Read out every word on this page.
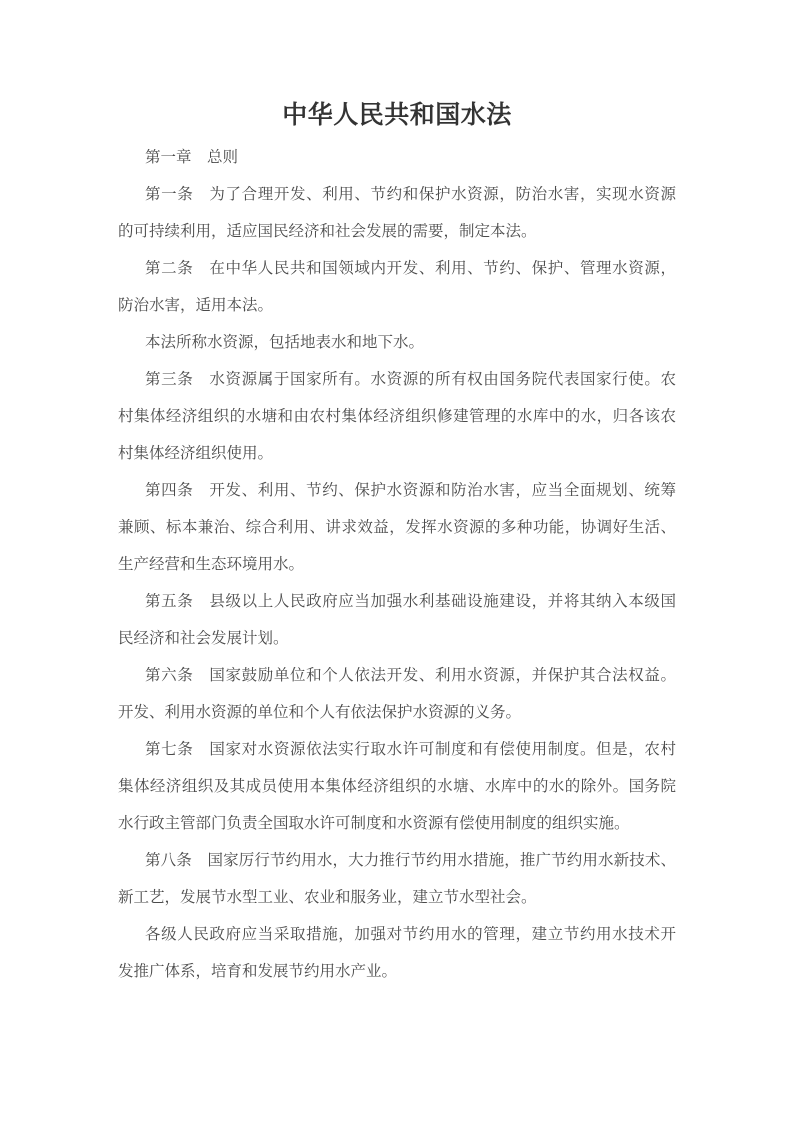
中华人民共和国水法
第一章　总则
第一条　为了合理开发、利用、节约和保护水资源，防治水害，实现水资源
的可持续利用，适应国民经济和社会发展的需要，制定本法。
第二条　在中华人民共和国领域内开发、利用、节约、保护、管理水资源，
防治水害，适用本法。
本法所称水资源，包括地表水和地下水。
第三条　水资源属于国家所有。水资源的所有权由国务院代表国家行使。农
村集体经济组织的水塘和由农村集体经济组织修建管理的水库中的水，归各该农
村集体经济组织使用。
第四条　开发、利用、节约、保护水资源和防治水害，应当全面规划、统筹
兼顾、标本兼治、综合利用、讲求效益，发挥水资源的多种功能，协调好生活、
生产经营和生态环境用水。
第五条　县级以上人民政府应当加强水利基础设施建设，并将其纳入本级国
民经济和社会发展计划。
第六条　国家鼓励单位和个人依法开发、利用水资源，并保护其合法权益。
开发、利用水资源的单位和个人有依法保护水资源的义务。
第七条　国家对水资源依法实行取水许可制度和有偿使用制度。但是，农村
集体经济组织及其成员使用本集体经济组织的水塘、水库中的水的除外。国务院
水行政主管部门负责全国取水许可制度和水资源有偿使用制度的组织实施。
第八条　国家厉行节约用水，大力推行节约用水措施，推广节约用水新技术、
新工艺，发展节水型工业、农业和服务业，建立节水型社会。
各级人民政府应当采取措施，加强对节约用水的管理，建立节约用水技术开
发推广体系，培育和发展节约用水产业。
